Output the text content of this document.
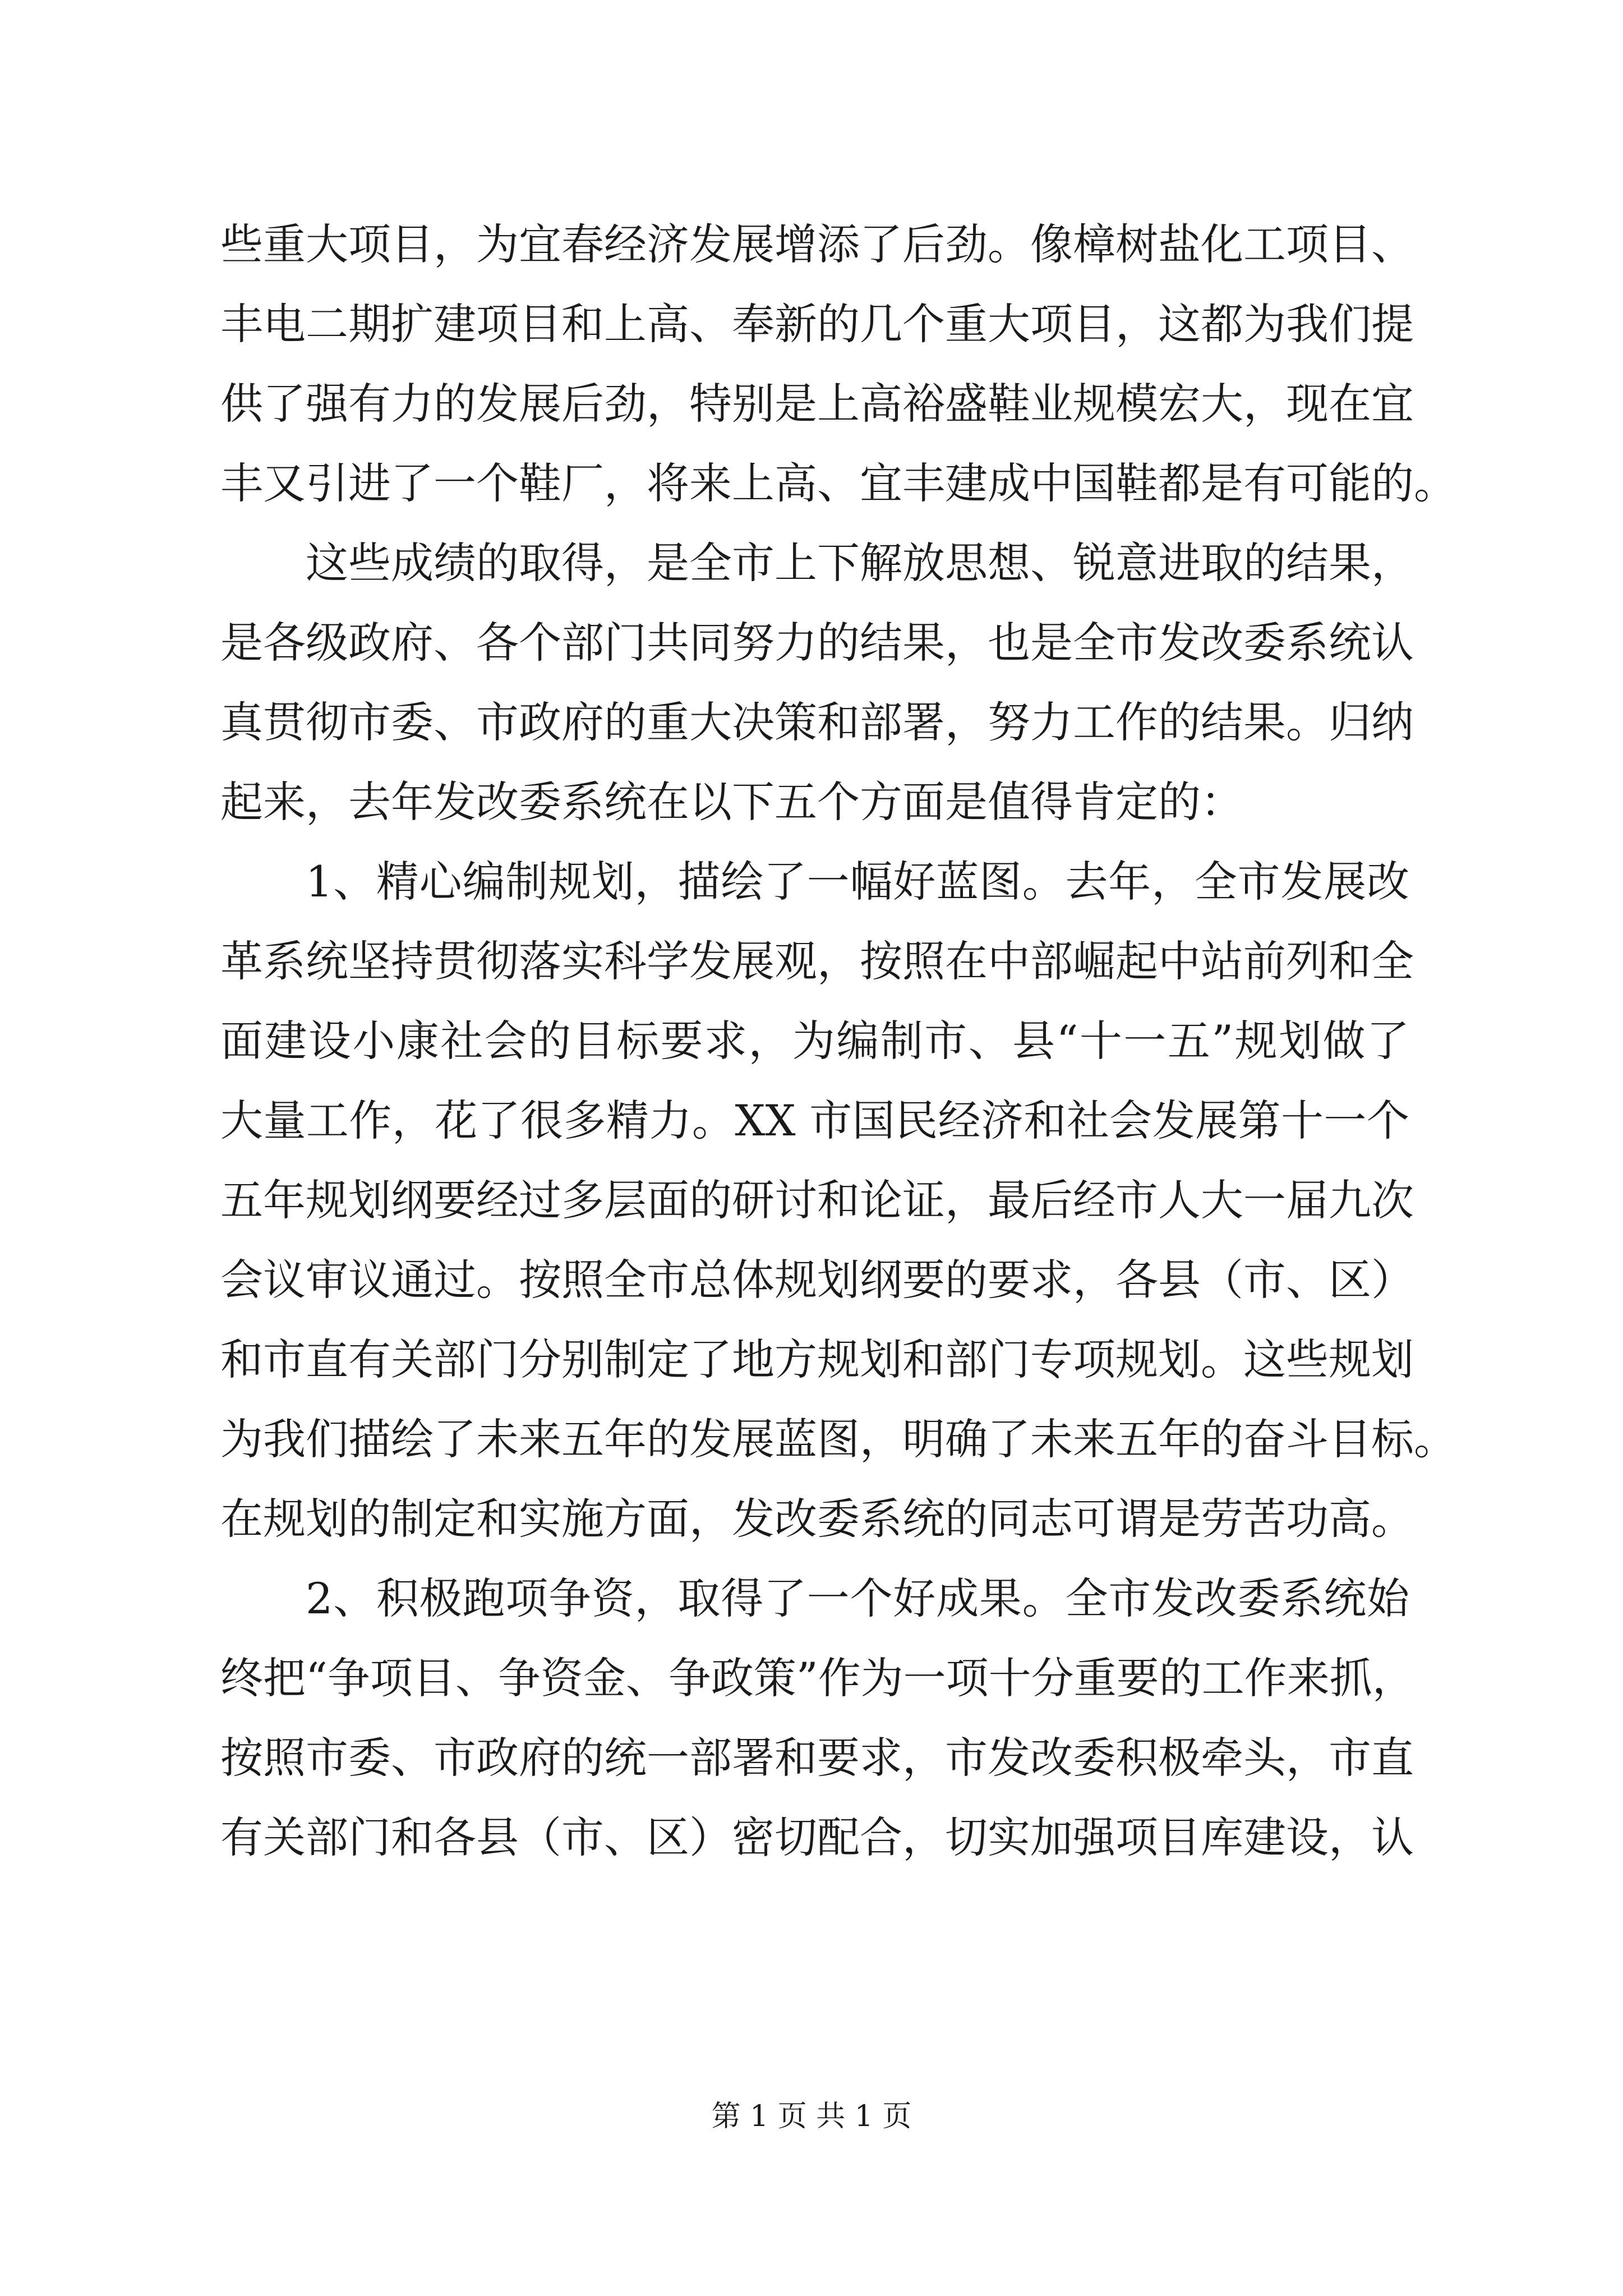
些重大项目，为宜春经济发展增添了后劲。像樟树盐化工项目、
丰电二期扩建项目和上高、奉新的几个重大项目，这都为我们提
供了强有力的发展后劲，特别是上高裕盛鞋业规模宏大，现在宜
丰又引进了一个鞋厂，将来上高、宜丰建成中国鞋都是有可能的。
这些成绩的取得，是全市上下解放思想、锐意进取的结果，
是各级政府、各个部门共同努力的结果，也是全市发改委系统认
真贯彻市委、市政府的重大决策和部署，努力工作的结果。归纳
起来，去年发改委系统在以下五个方面是值得肯定的：
1、精心编制规划，描绘了一幅好蓝图。去年，全市发展改
革系统坚持贯彻落实科学发展观，按照在中部崛起中站前列和全
面建设小康社会的目标要求，为编制市、县“十一五”规划做了
大量工作，花了很多精力。XX 市国民经济和社会发展第十一个
五年规划纲要经过多层面的研讨和论证，最后经市人大一届九次
会议审议通过。按照全市总体规划纲要的要求，各县（市、区）
和市直有关部门分别制定了地方规划和部门专项规划。这些规划
为我们描绘了未来五年的发展蓝图，明确了未来五年的奋斗目标。
在规划的制定和实施方面，发改委系统的同志可谓是劳苦功高。
2、积极跑项争资，取得了一个好成果。全市发改委系统始
终把“争项目、争资金、争政策”作为一项十分重要的工作来抓，
按照市委、市政府的统一部署和要求，市发改委积极牵头，市直
有关部门和各县（市、区）密切配合，切实加强项目库建设，认
第 1 页 共 1 页
